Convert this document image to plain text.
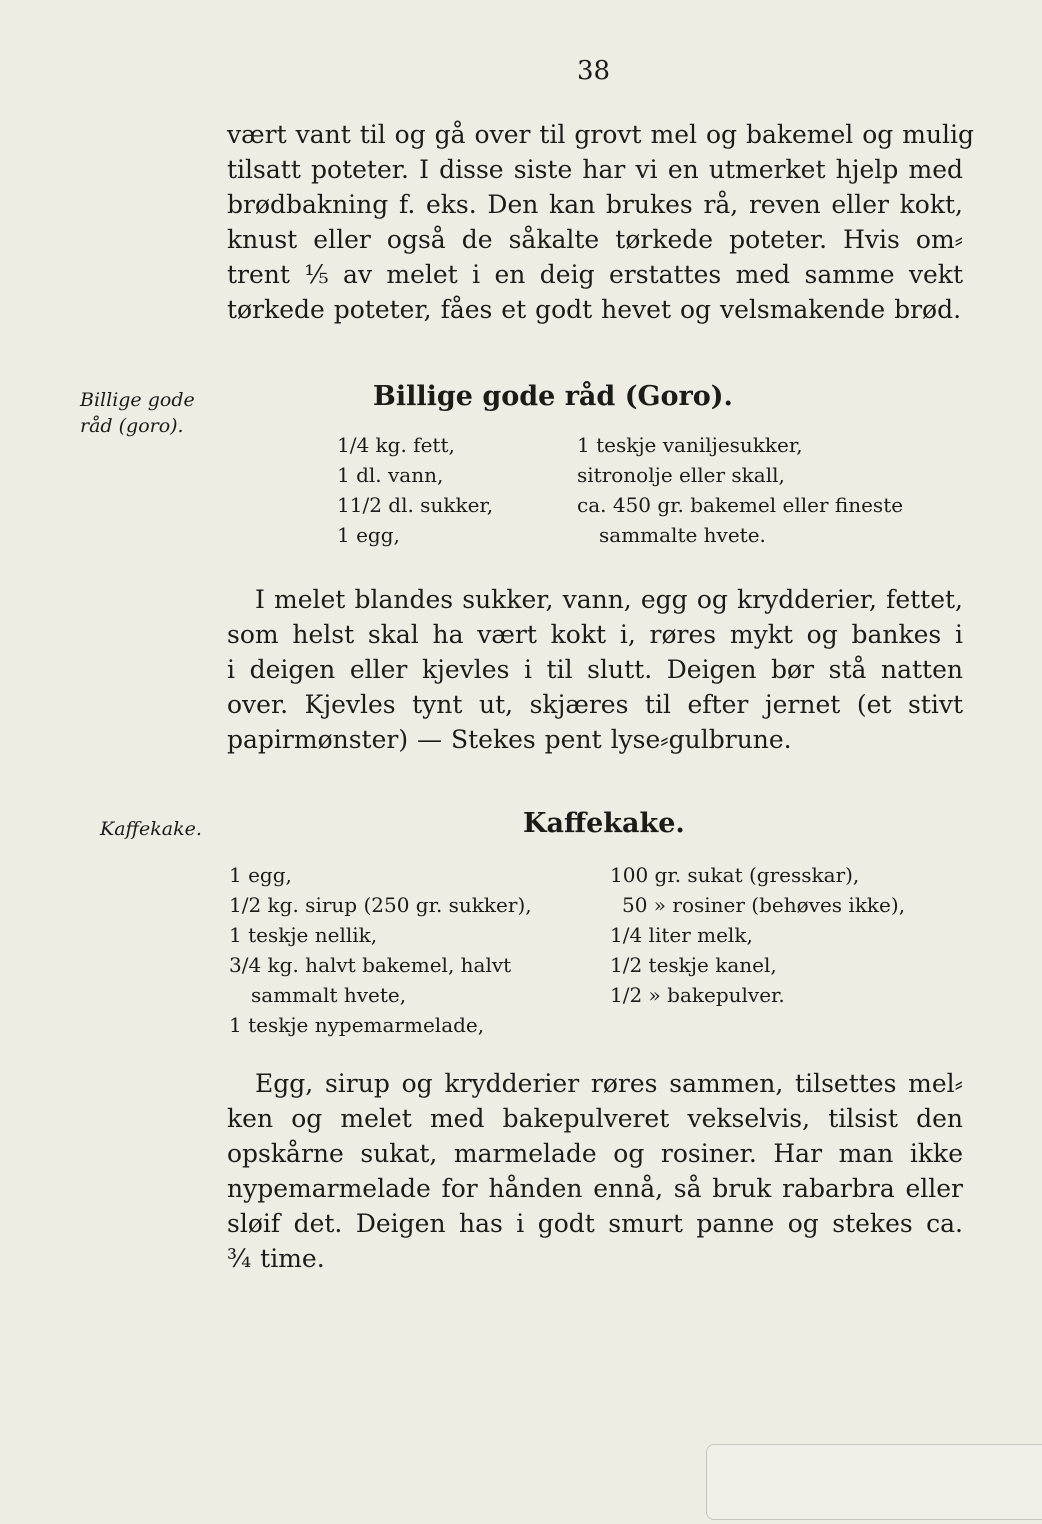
38
vært vant til og gå over til grovt mel og bakemel og mulig
tilsatt poteter. I disse siste har vi en utmerket hjelp med
brødbakning f. eks. Den kan brukes rå, reven eller kokt,
knust eller også de såkalte tørkede poteter. Hvis om⸗
trent ⅕ av melet i en deig erstattes med samme vekt
tørkede poteter, fåes et godt hevet og velsmakende brød.
Billige gode
råd (goro).
Billige gode råd (Goro).
1/4 kg. fett,
1 dl. vann,
11/2 dl. sukker,
1 egg,
1 teskje vaniljesukker,
sitronolje eller skall,
ca. 450 gr. bakemel eller fineste
sammalte hvete.
I melet blandes sukker, vann, egg og krydderier, fettet,
som helst skal ha vært kokt i, røres mykt og bankes i
i deigen eller kjevles i til slutt. Deigen bør stå natten
over. Kjevles tynt ut, skjæres til efter jernet (et stivt
papirmønster) — Stekes pent lyse⸗gulbrune.
Kaffekake.	Kaffekake.
1 egg,
1/2 kg. sirup (250 gr. sukker),
1 teskje nellik,
3/4 kg. halvt bakemel, halvt
sammalt hvete,
1 teskje nypemarmelade,
100 gr. sukat (gresskar),
50 » rosiner (behøves ikke),
1/4 liter melk,
1/2 teskje kanel,
1/2 » bakepulver.
Egg, sirup og krydderier røres sammen, tilsettes mel⸗
ken og melet med bakepulveret vekselvis, tilsist den
opskårne sukat, marmelade og rosiner. Har man ikke
nypemarmelade for hånden ennå, så bruk rabarbra eller
sløif det. Deigen has i godt smurt panne og stekes ca.
¾ time.
